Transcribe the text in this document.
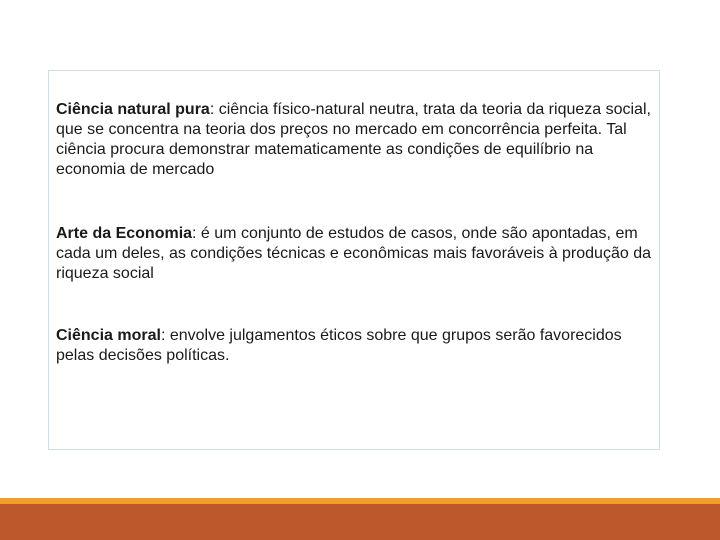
Ciência natural pura: ciência físico-natural neutra, trata da teoria da riqueza social, que se concentra na teoria dos preços no mercado em concorrência perfeita. Tal ciência procura demonstrar matematicamente as condições de equilíbrio na economia de mercado

Arte da Economia: é um conjunto de estudos de casos, onde são apontadas, em cada um deles, as condições técnicas e econômicas mais favoráveis à produção da riqueza social

Ciência moral: envolve julgamentos éticos sobre que grupos serão favorecidos pelas decisões políticas.
